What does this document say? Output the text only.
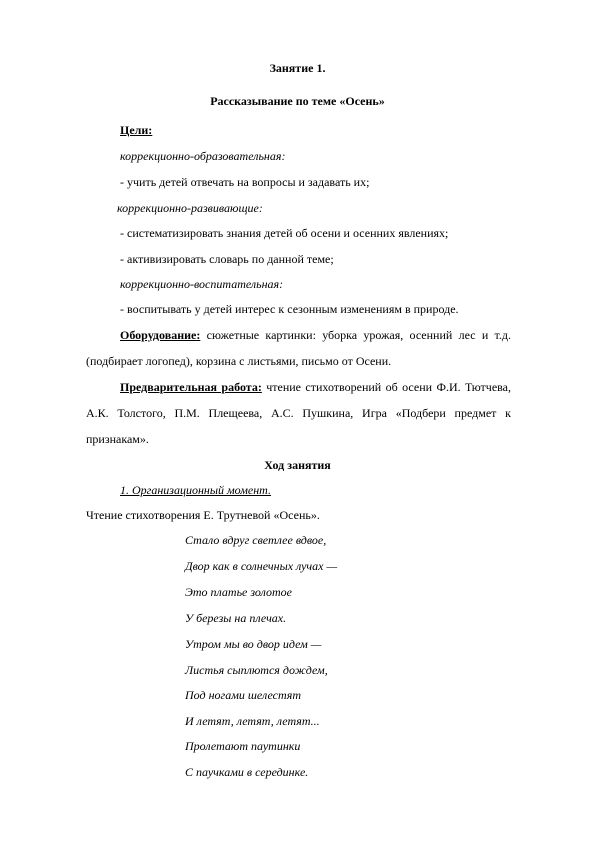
Занятие 1.
Рассказывание по теме «Осень»
Цели:
коррекционно-образовательная:
- учить детей отвечать на вопросы и задавать их;
коррекционно-развивающие:
- систематизировать знания детей об осени и осенних явлениях;
- активизировать словарь по данной теме;
коррекционно-воспитательная:
- воспитывать у детей интерес к сезонным изменениям в природе.
Оборудование: сюжетные картинки: уборка урожая, осенний лес и т.д. (подбирает логопед), корзина с листьями, письмо от Осени.
Предварительная работа: чтение стихотворений об осени Ф.И. Тютчева, А.К. Толстого, П.М. Плещеева, А.С. Пушкина, Игра «Подбери предмет к признакам».
Ход занятия
1. Организационный момент.
Чтение стихотворения Е. Трутневой «Осень».
Стало вдруг светлее вдвое,
Двор как в солнечных лучах —
Это платье золотое
У березы на плечах.
Утром мы во двор идем —
Листья сыплются дождем,
Под ногами шелестят
И летят, летят, летят...
Пролетают паутинки
С паучками в серединке.
